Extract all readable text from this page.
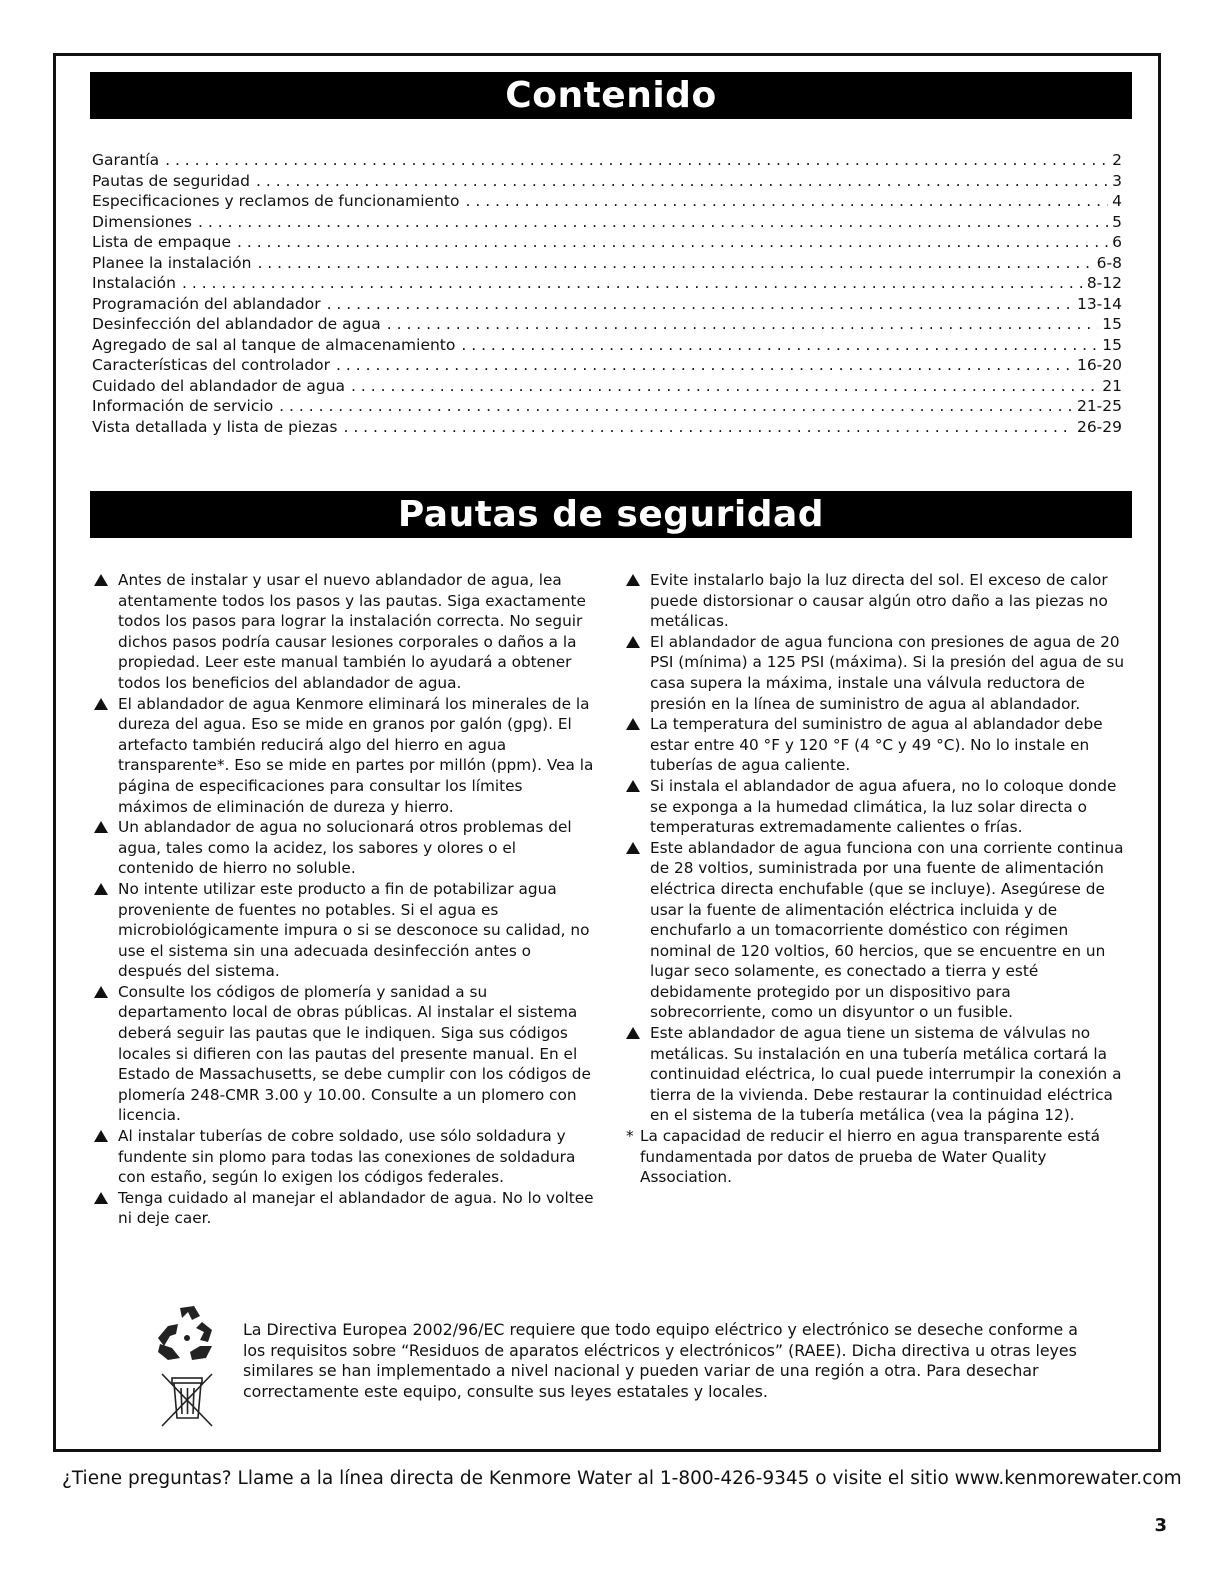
Contenido
Garantía . . .	2
Pautas de seguridad . . .	3
Especificaciones y reclamos de funcionamiento . . .	4
Dimensiones . . .	5
Lista de empaque . . .	6
Planee la instalación . . .	6-8
Instalación . . .	8-12
Programación del ablandador . . .	13-14
Desinfección del ablandador de agua . . .	15
Agregado de sal al tanque de almacenamiento . . .	15
Características del controlador . . .	16-20
Cuidado del ablandador de agua . . .	21
Información de servicio . . .	21-25
Vista detallada y lista de piezas . . .	26-29
Pautas de seguridad
Antes de instalar y usar el nuevo ablandador de agua, lea atentamente todos los pasos y las pautas. Siga exactamente todos los pasos para lograr la instalación correcta. No seguir dichos pasos podría causar lesiones corporales o daños a la propiedad. Leer este manual también lo ayudará a obtener todos los beneficios del ablandador de agua.
El ablandador de agua Kenmore eliminará los minerales de la dureza del agua. Eso se mide en granos por galón (gpg). El artefacto también reducirá algo del hierro en agua transparente*. Eso se mide en partes por millón (ppm). Vea la página de especificaciones para consultar los límites máximos de eliminación de dureza y hierro.
Un ablandador de agua no solucionará otros problemas del agua, tales como la acidez, los sabores y olores o el contenido de hierro no soluble.
No intente utilizar este producto a fin de potabilizar agua proveniente de fuentes no potables. Si el agua es microbiológicamente impura o si se desconoce su calidad, no use el sistema sin una adecuada desinfección antes o después del sistema.
Consulte los códigos de plomería y sanidad a su departamento local de obras públicas. Al instalar el sistema deberá seguir las pautas que le indiquen. Siga sus códigos locales si difieren con las pautas del presente manual. En el Estado de Massachusetts, se debe cumplir con los códigos de plomería 248-CMR 3.00 y 10.00. Consulte a un plomero con licencia.
Al instalar tuberías de cobre soldado, use sólo soldadura y fundente sin plomo para todas las conexiones de soldadura con estaño, según lo exigen los códigos federales.
Tenga cuidado al manejar el ablandador de agua. No lo voltee ni deje caer.
Evite instalarlo bajo la luz directa del sol. El exceso de calor puede distorsionar o causar algún otro daño a las piezas no metálicas.
El ablandador de agua funciona con presiones de agua de 20 PSI (mínima) a 125 PSI (máxima). Si la presión del agua de su casa supera la máxima, instale una válvula reductora de presión en la línea de suministro de agua al ablandador.
La temperatura del suministro de agua al ablandador debe estar entre 40 °F y 120 °F (4 °C y 49 °C). No lo instale en tuberías de agua caliente.
Si instala el ablandador de agua afuera, no lo coloque donde se exponga a la humedad climática, la luz solar directa o temperaturas extremadamente calientes o frías.
Este ablandador de agua funciona con una corriente continua de 28 voltios, suministrada por una fuente de alimentación eléctrica directa enchufable (que se incluye). Asegúrese de usar la fuente de alimentación eléctrica incluida y de enchufarlo a un tomacorriente doméstico con régimen nominal de 120 voltios, 60 hercios, que se encuentre en un lugar seco solamente, es conectado a tierra y esté debidamente protegido por un dispositivo para sobrecorriente, como un disyuntor o un fusible.
Este ablandador de agua tiene un sistema de válvulas no metálicas. Su instalación en una tubería metálica cortará la continuidad eléctrica, lo cual puede interrumpir la conexión a tierra de la vivienda. Debe restaurar la continuidad eléctrica en el sistema de la tubería metálica (vea la página 12).
* La capacidad de reducir el hierro en agua transparente está fundamentada por datos de prueba de Water Quality Association.
La Directiva Europea 2002/96/EC requiere que todo equipo eléctrico y electrónico se deseche conforme a los requisitos sobre “Residuos de aparatos eléctricos y electrónicos” (RAEE). Dicha directiva u otras leyes similares se han implementado a nivel nacional y pueden variar de una región a otra. Para desechar correctamente este equipo, consulte sus leyes estatales y locales.
¿Tiene preguntas? Llame a la línea directa de Kenmore Water al 1-800-426-9345 o visite el sitio www.kenmorewater.com
3
